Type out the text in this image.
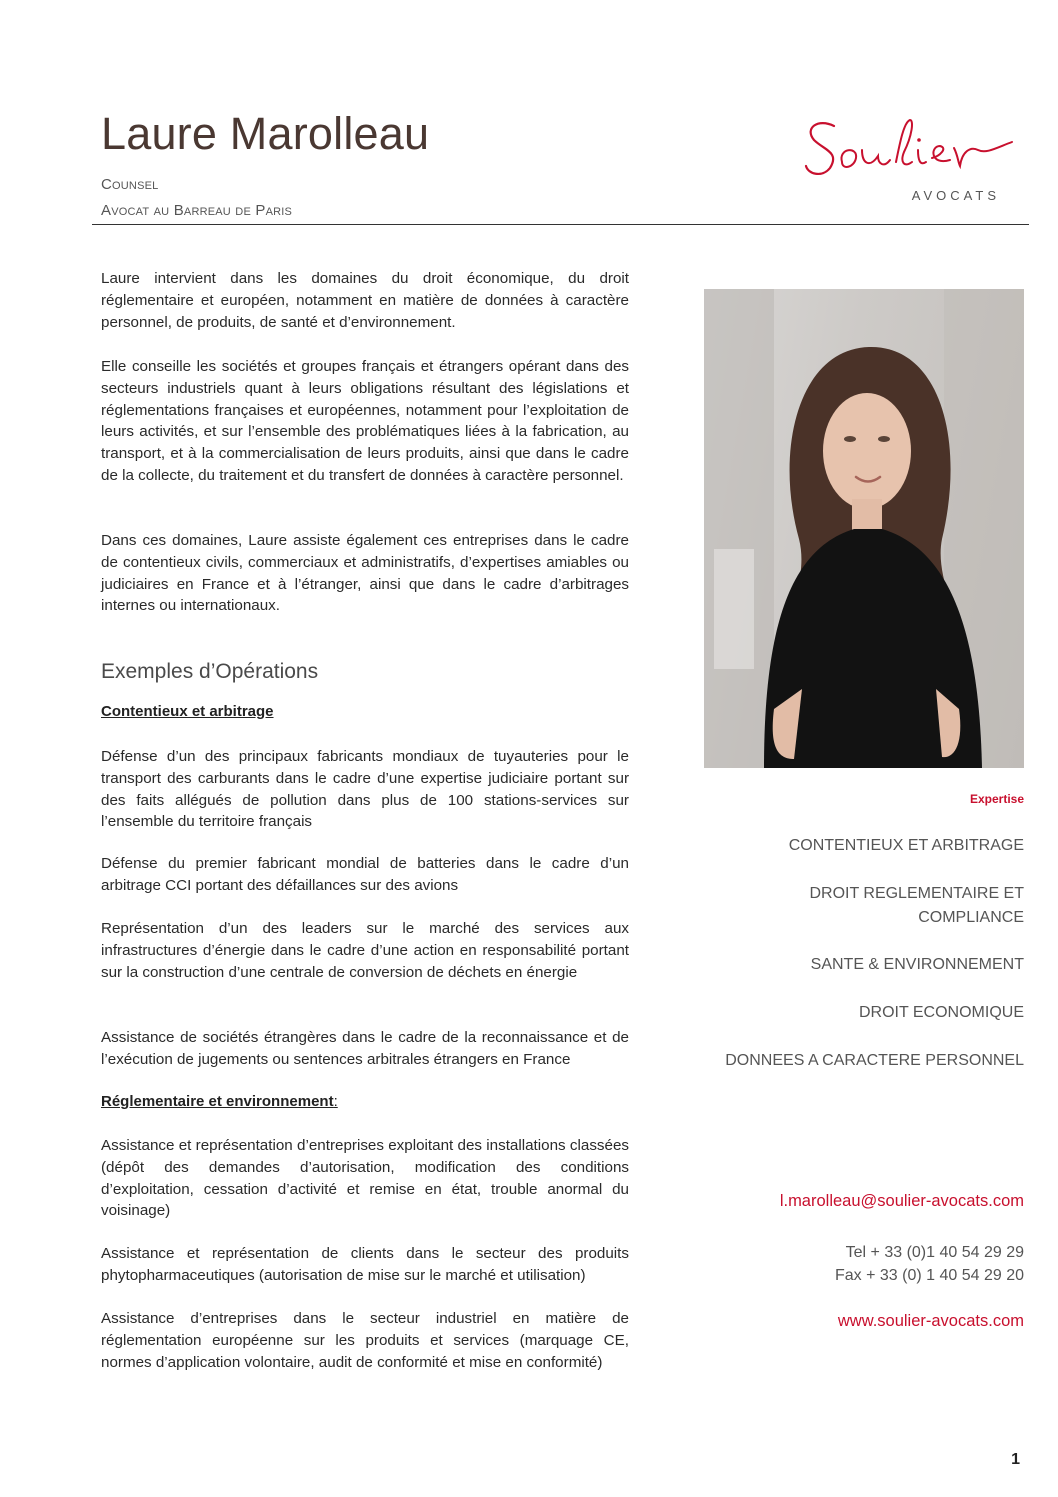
Laure Marolleau
Counsel
Avocat au Barreau de Paris
AVOCATS

Laure intervient dans les domaines du droit économique, du droit réglementaire et européen, notamment en matière de données à caractère personnel, de produits, de santé et d’environnement.

Elle conseille les sociétés et groupes français et étrangers opérant dans des secteurs industriels quant à leurs obligations résultant des législations et réglementations françaises et européennes, notamment pour l’exploitation de leurs activités, et sur l’ensemble des problématiques liées à la fabrication, au transport, et à la commercialisation de leurs produits, ainsi que dans le cadre de la collecte, du traitement et du transfert de données à caractère personnel.

Dans ces domaines, Laure assiste également ces entreprises dans le cadre de contentieux civils, commerciaux et administratifs, d’expertises amiables ou judiciaires en France et à l’étranger, ainsi que dans le cadre d’arbitrages internes ou internationaux.

Exemples d’Opérations
Contentieux et arbitrage

Défense d’un des principaux fabricants mondiaux de tuyauteries pour le transport des carburants dans le cadre d’une expertise judiciaire portant sur des faits allégués de pollution dans plus de 100 stations-services sur l’ensemble du territoire français

Défense du premier fabricant mondial de batteries dans le cadre d’un arbitrage CCI portant des défaillances sur des avions

Représentation d’un des leaders sur le marché des services aux infrastructures d’énergie dans le cadre d’une action en responsabilité portant sur la construction d’une centrale de conversion de déchets en énergie

Assistance de sociétés étrangères dans le cadre de la reconnaissance et de l’exécution de jugements ou sentences arbitrales étrangers en France

Réglementaire et environnement:

Assistance et représentation d’entreprises exploitant des installations classées (dépôt des demandes d’autorisation, modification des conditions d’exploitation, cessation d’activité et remise en état, trouble anormal du voisinage)

Assistance et représentation de clients dans le secteur des produits phytopharmaceutiques (autorisation de mise sur le marché et utilisation)

Assistance d’entreprises dans le secteur industriel en matière de réglementation européenne sur les produits et services (marquage CE, normes d’application volontaire, audit de conformité et mise en conformité)

Expertise
CONTENTIEUX ET ARBITRAGE
DROIT REGLEMENTAIRE ET
COMPLIANCE
SANTE & ENVIRONNEMENT
DROIT ECONOMIQUE
DONNEES A CARACTERE PERSONNEL
l.marolleau@soulier-avocats.com
Tel + 33 (0)1 40 54 29 29
Fax + 33 (0) 1 40 54 29 20
www.soulier-avocats.com
1
